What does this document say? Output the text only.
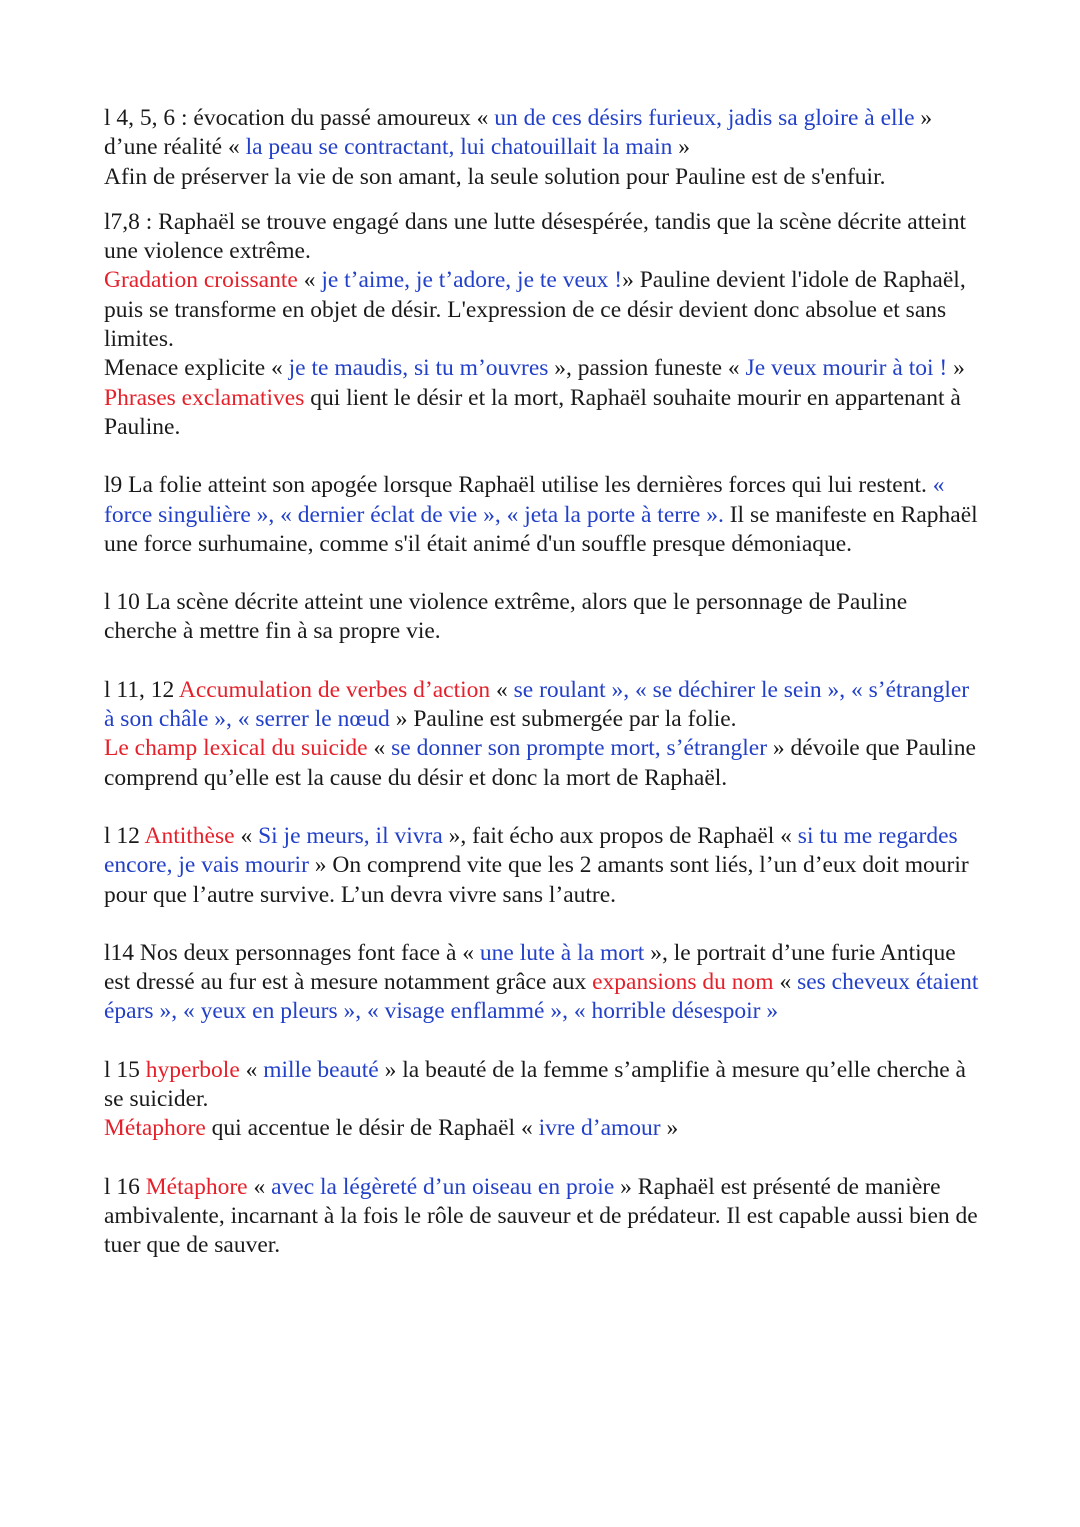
l 4, 5, 6 : évocation du passé amoureux « un de ces désirs furieux, jadis sa gloire à elle » d’une réalité « la peau se contractant, lui chatouillait la main »

Afin de préserver la vie de son amant, la seule solution pour Pauline est de s'enfuir.

l7,8 : Raphaël se trouve engagé dans une lutte désespérée, tandis que la scène décrite atteint une violence extrême.

Gradation croissante « je t’aime, je t’adore, je te veux !» Pauline devient l'idole de Raphaël, puis se transforme en objet de désir. L'expression de ce désir devient donc absolue et sans limites.

Menace explicite « je te maudis, si tu m’ouvres », passion funeste « Je veux mourir à toi ! »

Phrases exclamatives qui lient le désir et la mort, Raphaël souhaite mourir en appartenant à Pauline.

l9 La folie atteint son apogée lorsque Raphaël utilise les dernières forces qui lui restent. « force singulière », « dernier éclat de vie », « jeta la porte à terre ». Il se manifeste en Raphaël une force surhumaine, comme s'il était animé d'un souffle presque démoniaque.

l 10 La scène décrite atteint une violence extrême, alors que le personnage de Pauline cherche à mettre fin à sa propre vie.

l 11, 12 Accumulation de verbes d’action « se roulant », « se déchirer le sein », « s’étrangler à son châle », « serrer le nœud » Pauline est submergée par la folie.

Le champ lexical du suicide « se donner son prompte mort, s’étrangler » dévoile que Pauline comprend qu’elle est la cause du désir et donc la mort de Raphaël.

l 12 Antithèse « Si je meurs, il vivra », fait écho aux propos de Raphaël « si tu me regardes encore, je vais mourir » On comprend vite que les 2 amants sont liés, l’un d’eux doit mourir pour que l’autre survive. L’un devra vivre sans l’autre.

l14 Nos deux personnages font face à « une lute à la mort », le portrait d’une furie Antique est dressé au fur est à mesure notamment grâce aux expansions du nom « ses cheveux étaient épars », « yeux en pleurs », « visage enflammé », « horrible désespoir »

l 15 hyperbole « mille beauté » la beauté de la femme s’amplifie à mesure qu’elle cherche à se suicider.

Métaphore qui accentue le désir de Raphaël « ivre d’amour »

l 16 Métaphore « avec la légèreté d’un oiseau en proie » Raphaël est présenté de manière ambivalente, incarnant à la fois le rôle de sauveur et de prédateur. Il est capable aussi bien de tuer que de sauver.
